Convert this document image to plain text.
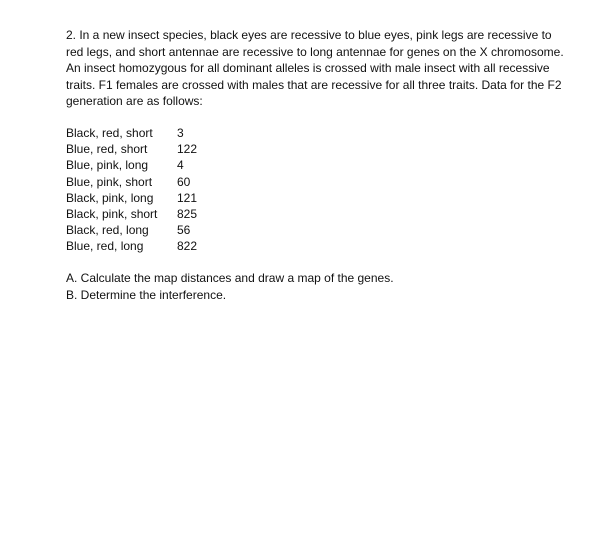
2. In a new insect species, black eyes are recessive to blue eyes, pink legs are recessive to
red legs, and short antennae are recessive to long antennae for genes on the X chromosome.
An insect homozygous for all dominant alleles is crossed with male insect with all recessive
traits. F1 females are crossed with males that are recessive for all three traits. Data for the F2
generation are as follows:

Black, red, short	3
Blue, red, short	122
Blue, pink, long	4
Blue, pink, short	60
Black, pink, long	121
Black, pink, short	825
Black, red, long	56
Blue, red, long	822

A. Calculate the map distances and draw a map of the genes.
B. Determine the interference.
